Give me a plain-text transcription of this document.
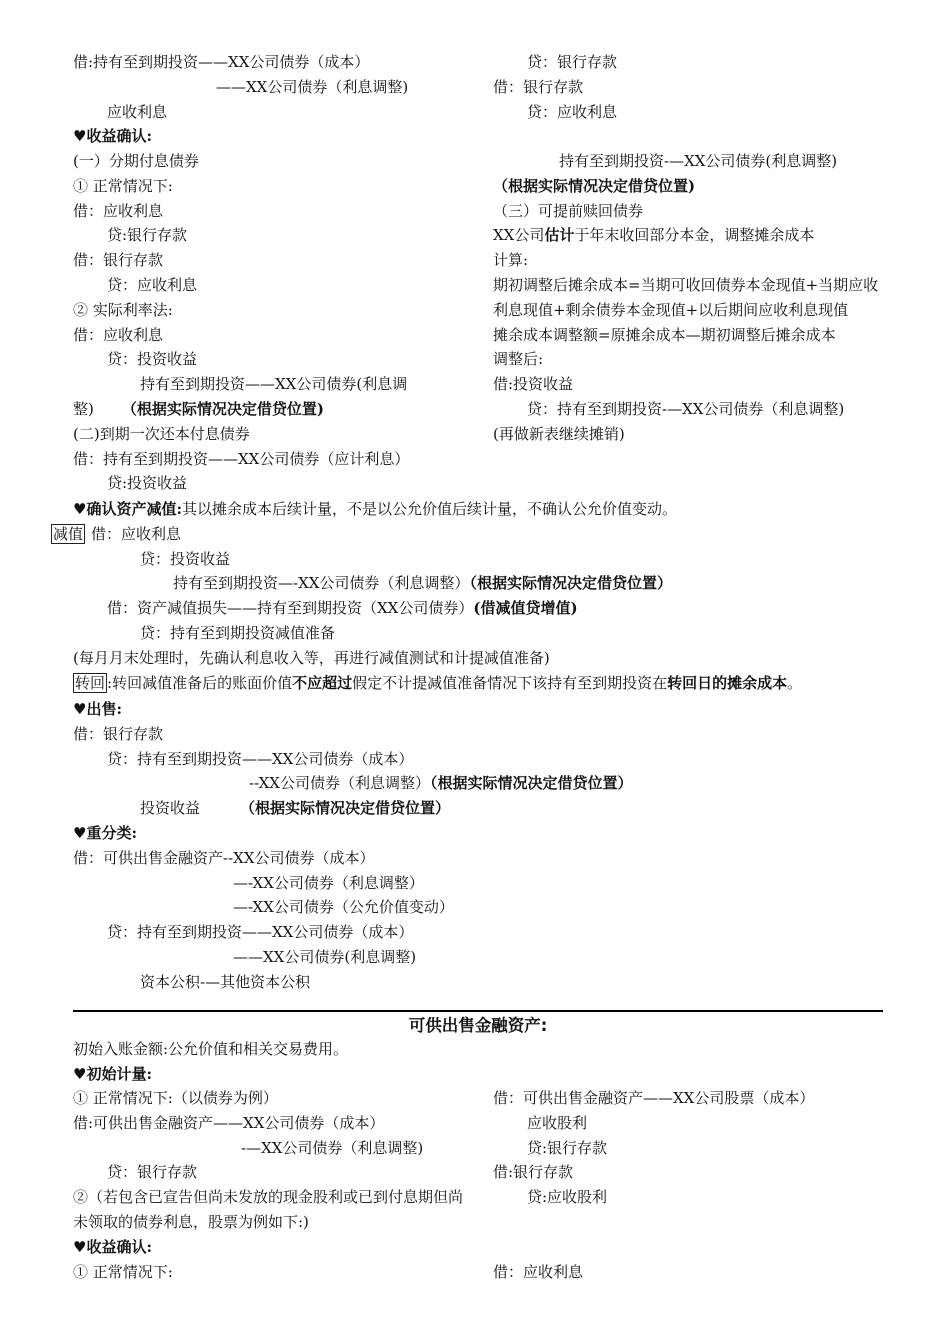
借:持有至到期投资——XX公司债券（成本）
——XX公司债券（利息调整)
应收利息
贷：银行存款
借：银行存款
贷：应收利息
♥收益确认:
(一）分期付息债券
① 正常情况下:
借：应收利息
贷:银行存款
借：银行存款
贷：应收利息
② 实际利率法:
借：应收利息
贷：投资收益
持有至到期投资——XX公司债券(利息调
整) （根据实际情况决定借贷位置)
(二)到期一次还本付息债券
借：持有至到期投资——XX公司债券（应计利息）
贷:投资收益
持有至到期投资-—XX公司债券(利息调整)
（根据实际情况决定借贷位置)
（三）可提前赎回债券
XX公司估计于年末收回部分本金，调整摊余成本
计算:
期初调整后摊余成本=当期可收回债券本金现值+当期应收利息现值+剩余债券本金现值+以后期间应收利息现值
摊余成本调整额=原摊余成本—期初调整后摊余成本
调整后:
借:投资收益
贷：持有至到期投资-—XX公司债券（利息调整)
(再做新表继续摊销)
♥确认资产减值:其以摊余成本后续计量，不是以公允价值后续计量，不确认公允价值变动。
减值 借：应收利息
贷：投资收益
持有至到期投资—-XX公司债券（利息调整）（根据实际情况决定借贷位置）
借：资产减值损失——持有至到期投资（XX公司债券）(借减值贷增值)
贷：持有至到期投资减值准备
(每月月末处理时，先确认利息收入等，再进行减值测试和计提减值准备)
转回 :转回减值准备后的账面价值不应超过假定不计提减值准备情况下该持有至到期投资在转回日的摊余成本。
♥出售:
借：银行存款
贷：持有至到期投资——XX公司债券（成本）
--XX公司债券（利息调整）（根据实际情况决定借贷位置）
投资收益	（根据实际情况决定借贷位置）
♥重分类:
借：可供出售金融资产--XX公司债券（成本）
—-XX公司债券（利息调整）
—-XX公司债券（公允价值变动）
贷：持有至到期投资——XX公司债券（成本）
——XX公司债券(利息调整)
资本公积-—其他资本公积
可供出售金融资产:
初始入账金额:公允价值和相关交易费用。
♥初始计量:
① 正常情况下:（以债券为例）
借:可供出售金融资产——XX公司债券（成本）
-—XX公司债券（利息调整)
贷：银行存款
②（若包含已宣告但尚未发放的现金股利或已到付息期但尚未领取的债券利息，股票为例如下:)
借：可供出售金融资产——XX公司股票（成本）
应收股利
贷:银行存款
借:银行存款
贷:应收股利
♥收益确认:
① 正常情况下:	借：应收利息
